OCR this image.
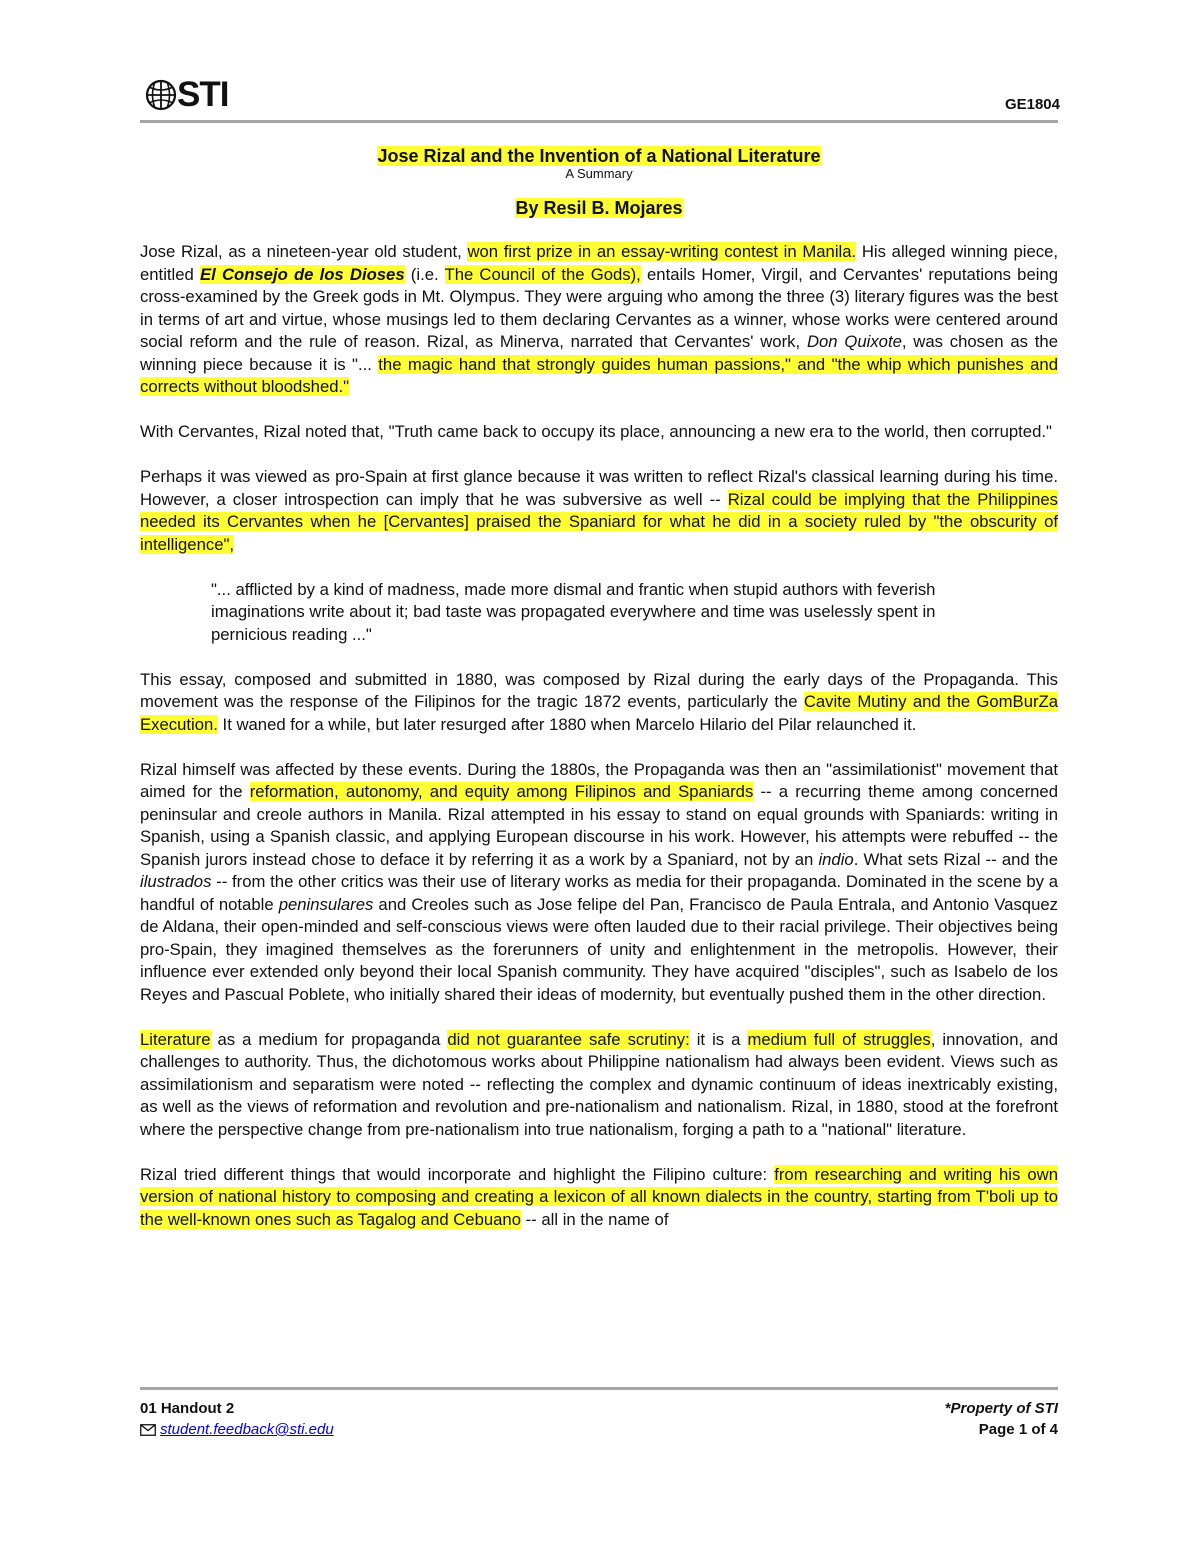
STI	GE1804
Jose Rizal and the Invention of a National Literature
A Summary
By Resil B. Mojares

Jose Rizal, as a nineteen-year old student, won first prize in an essay-writing contest in Manila. His alleged winning piece, entitled El Consejo de los Dioses (i.e. The Council of the Gods), entails Homer, Virgil, and Cervantes' reputations being cross-examined by the Greek gods in Mt. Olympus. They were arguing who among the three (3) literary figures was the best in terms of art and virtue, whose musings led to them declaring Cervantes as a winner, whose works were centered around social reform and the rule of reason. Rizal, as Minerva, narrated that Cervantes' work, Don Quixote, was chosen as the winning piece because it is "... the magic hand that strongly guides human passions," and "the whip which punishes and corrects without bloodshed."

With Cervantes, Rizal noted that, "Truth came back to occupy its place, announcing a new era to the world, then corrupted."

Perhaps it was viewed as pro-Spain at first glance because it was written to reflect Rizal's classical learning during his time. However, a closer introspection can imply that he was subversive as well -- Rizal could be implying that the Philippines needed its Cervantes when he [Cervantes] praised the Spaniard for what he did in a society ruled by "the obscurity of intelligence",

"... afflicted by a kind of madness, made more dismal and frantic when stupid authors with feverish imaginations write about it; bad taste was propagated everywhere and time was uselessly spent in pernicious reading ..."

This essay, composed and submitted in 1880, was composed by Rizal during the early days of the Propaganda. This movement was the response of the Filipinos for the tragic 1872 events, particularly the Cavite Mutiny and the GomBurZa Execution. It waned for a while, but later resurged after 1880 when Marcelo Hilario del Pilar relaunched it.

Rizal himself was affected by these events. During the 1880s, the Propaganda was then an "assimilationist" movement that aimed for the reformation, autonomy, and equity among Filipinos and Spaniards -- a recurring theme among concerned peninsular and creole authors in Manila. Rizal attempted in his essay to stand on equal grounds with Spaniards: writing in Spanish, using a Spanish classic, and applying European discourse in his work. However, his attempts were rebuffed -- the Spanish jurors instead chose to deface it by referring it as a work by a Spaniard, not by an indio. What sets Rizal -- and the ilustrados -- from the other critics was their use of literary works as media for their propaganda. Dominated in the scene by a handful of notable peninsulares and Creoles such as Jose felipe del Pan, Francisco de Paula Entrala, and Antonio Vasquez de Aldana, their open-minded and self-conscious views were often lauded due to their racial privilege. Their objectives being pro-Spain, they imagined themselves as the forerunners of unity and enlightenment in the metropolis. However, their influence ever extended only beyond their local Spanish community. They have acquired "disciples", such as Isabelo de los Reyes and Pascual Poblete, who initially shared their ideas of modernity, but eventually pushed them in the other direction.

Literature as a medium for propaganda did not guarantee safe scrutiny: it is a medium full of struggles, innovation, and challenges to authority. Thus, the dichotomous works about Philippine nationalism had always been evident. Views such as assimilationism and separatism were noted -- reflecting the complex and dynamic continuum of ideas inextricably existing, as well as the views of reformation and revolution and pre-nationalism and nationalism. Rizal, in 1880, stood at the forefront where the perspective change from pre-nationalism into true nationalism, forging a path to a "national" literature.

Rizal tried different things that would incorporate and highlight the Filipino culture: from researching and writing his own version of national history to composing and creating a lexicon of all known dialects in the country, starting from T'boli up to the well-known ones such as Tagalog and Cebuano -- all in the name of

01 Handout 2
student.feedback@sti.edu
*Property of STI
Page 1 of 4
